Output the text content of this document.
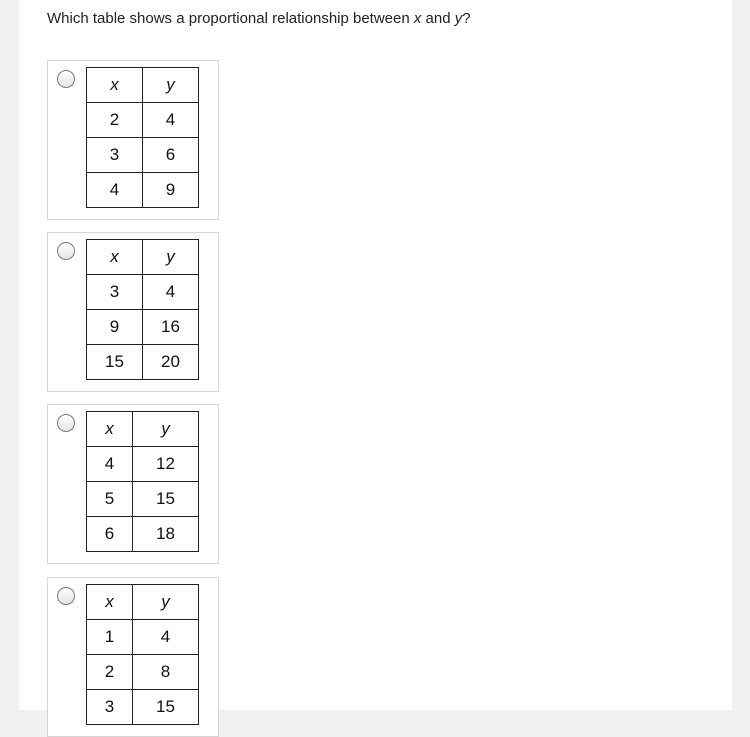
Which table shows a proportional relationship between x and y?
x	y
2	4
3	6
4	9
x	y
3	4
9	16
15	20
x	y
4	12
5	15
6	18
x	y
1	4
2	8
3	15
